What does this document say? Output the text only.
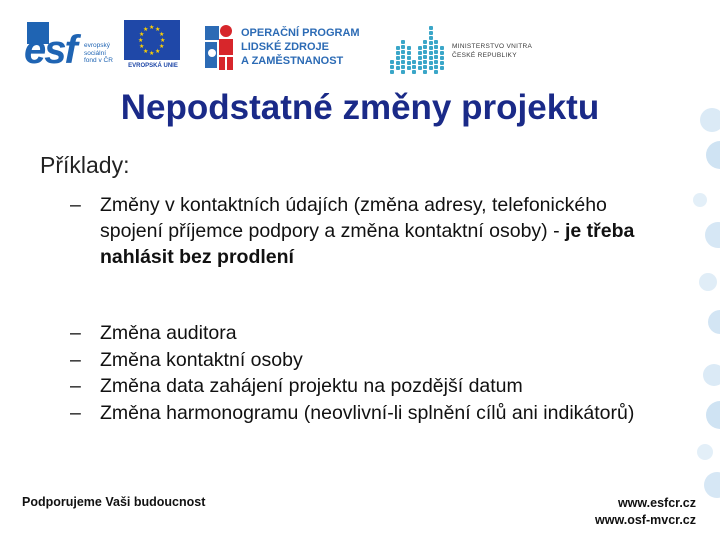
esf evropský
sociální
fond v ČR
★ ★
★
★
★
★
★
★
★
★
★
★
EVROPSKÁ UNIE
OPERAČNÍ PROGRAM
LIDSKÉ ZDROJE
A ZAMĚSTNANOST
MINISTERSTVO VNITRA
ČESKÉ REPUBLIKY
Nepodstatné změny projektu
Příklady:

– Změny v kontaktních údajích (změna adresy, telefonického spojení příjemce podpory a změna kontaktní osoby) - je třeba nahlásit bez prodlení

– Změna auditora

– Změna kontaktní osoby

– Změna data zahájení projektu na pozdější datum

– Změna harmonogramu (neovlivní-li splnění cílů ani indikátorů)

Podporujeme Vaši budoucnost	www.esfcr.cz
www.osf-mvcr.cz
